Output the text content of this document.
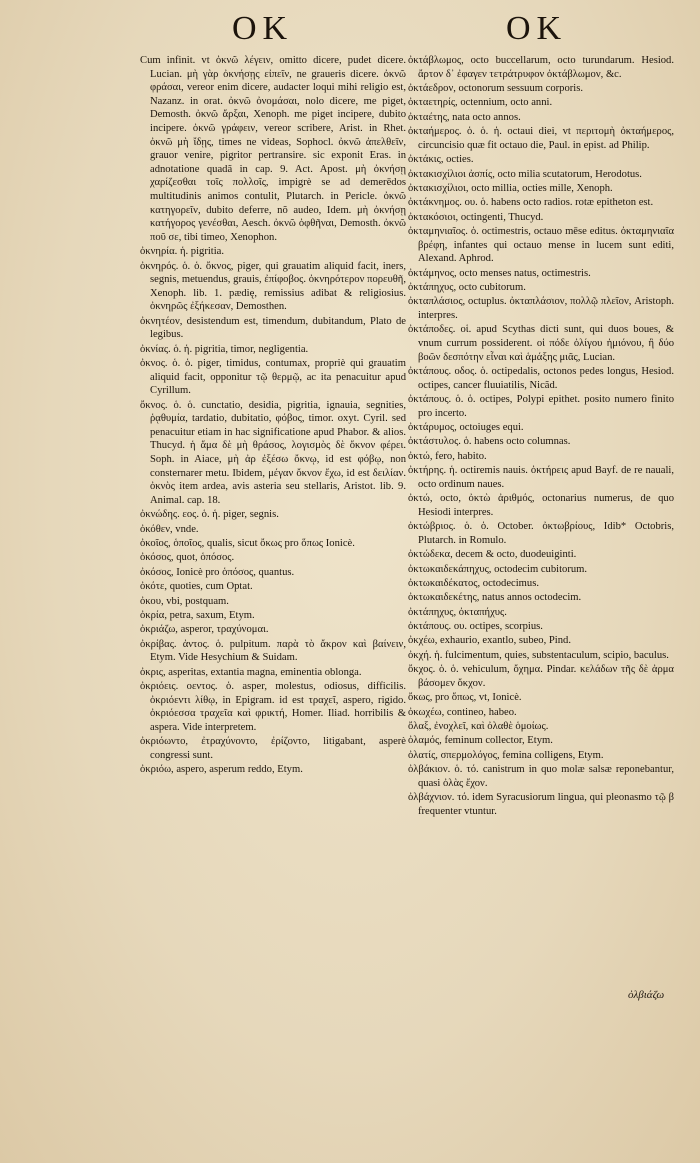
OK	OK

Cum infinit. vt ὀκνῶ λέγειν, omitto dicere, pudet dicere. Lucian. μὴ γὰρ ὀκνήσῃς εἰπεῖν, ne graueris dicere. ὀκνῶ φράσαι, vereor enim dicere, audacter loqui mihi religio est, Nazanz. in orat. ὀκνῶ ὀνομάσαι, nolo dicere, me piget, Demosth. ὀκνῶ ἄρξαι, Xenoph. me piget incipere, dubito incipere. ὀκνῶ γράφειν, vereor scribere, Arist. in Rhet. ὀκνῶ μὴ ἴδῃς, times ne videas, Sophocl. ὀκνῶ ἀπελθεῖν, grauor venire, pigritor pertransire. sic exponit Eras. in adnotatione quadã in cap. 9. Act. Apost. μὴ ὀκνήσῃ χαρίζεσθαι τοῖς πολλοῖς, impigrè se ad demerēdos multitudinis animos contulit, Plutarch. in Pericle. ὀκνῶ κατηγορεῖν, dubito deferre, nõ audeo, Idem. μὴ ὀκνήσῃ κατήγορος γενέσθαι, Aesch. ὀκνῶ ὀφθῆναι, Demosth. ὀκνῶ ποῦ σε, tibi timeo, Xenophon.

ὀκνηρία. ἡ. pigritia.

ὀκνηρός. ὁ. ὁ. ὄκνος, piger, qui grauatim aliquid facit, iners, segnis, metuendus, grauis, ἐπίφοβος. ὀκνηρότερον πορευθῆ, Xenoph. lib. 1. pædię, remissius adibat & religiosius. ὀκνηρῶς ἐξήκεσαν, Demosthen.

ὀκνητέον, desistendum est, timendum, dubitandum, Plato de legibus.

ὀκνίας. ὁ. ἡ. pigritia, timor, negligentia.

ὀκνος. ὁ. ὁ. piger, timidus, contumax, propriè qui grauatim aliquid facit, opponitur τῷ θερμῷ, ac ita penacuitur apud Cyrillum.

ὄκνος. ὁ. ὁ. cunctatio, desidia, pigritia, ignauia, segnities, ῥᾳθυμία, tardatio, dubitatio, φόβος, timor. oxyt. Cyril. sed penacuitur etiam in hac significatione apud Phabor. & alios. Thucyd. ἡ ἅμα δὲ μὴ θράσος, λογισμὸς δὲ ὄκνον φέρει. Soph. in Aiace, μὴ ἀρ ἐξέσω ὄκνῳ, id est φόβῳ, non consternarer metu. Ibidem, μέγαν ὄκνον ἔχω, id est δειλίαν. ὀκνὸς item ardea, avis asteria seu stellaris, Aristot. lib. 9. Animal. cap. 18.

ὀκνώδης. εος. ὁ. ἡ. piger, segnis.

ὀκόθεν, vnde.

ὀκοῖος, ὁποῖος, qualis, sicut ὄκως pro ὅπως Ionicè.

ὀκόσος, quot, ὁπόσος.

ὀκόσος, Ionicè pro ὁπόσος, quantus.

ὀκότε, quoties, cum Optat.

ὀκου, vbi, postquam.

ὀκρία, petra, saxum, Etym.

ὀκριάζω, asperor, τραχύνομαι.

ὀκρίβας. ἀντος. ὁ. pulpitum. παρὰ τὸ ἄκρον καὶ βαίνειν, Etym. Vide Hesychium & Suidam.

ὀκρις, asperitas, extantia magna, eminentia oblonga.

ὀκριόεις. οεντος. ὁ. asper, molestus, odiosus, difficilis. ὀκριόεντι λίθῳ, in Epigram. id est τραχεῖ, aspero, rigido. ὀκριόεσσα τραχεῖα καὶ φρικτή, Homer. Iliad. horribilis & aspera. Vide interpretem.

ὀκριόωντο, ἐτραχύνοντο, ἐρίζοντο, litigabant, asperè congressi sunt.

ὀκριόω, aspero, asperum reddo, Etym.

ὀκτάβλωμος, octo buccellarum, octo turundarum. Hesiod. ἄρτον δ᾽ ἐφαγεν τετράτρυφον ὀκτάβλωμον, &c.

ὀκτάεδρον, octonorum sessuum corporis.

ὀκταετηρίς, octennium, octo anni.

ὀκταέτης, nata octo annos.

ὀκταήμερος. ὁ. ὁ. ἡ. octaui diei, vt περιτομὴ ὀκταήμερος, circuncisio quæ fit octauo die, Paul. in epist. ad Philip.

ὀκτάκις, octies.

ὀκτακισχίλιοι ἀσπίς, octo milia scutatorum, Herodotus.

ὀκτακισχίλιοι, octo millia, octies mille, Xenoph.

ὀκτάκνημος. ου. ὁ. habens octo radios. rotæ epitheton est.

ὀκτακόσιοι, octingenti, Thucyd.

ὀκταμηνιαῖος. ὁ. octimestris, octauo mēse editus. ὀκταμηνιαῖα βρέφη, infantes qui octauo mense in lucem sunt editi, Alexand. Aphrod.

ὀκτάμηνος, octo menses natus, octimestris.

ὀκτάπηχυς, octo cubitorum.

ὀκταπλάσιος, octuplus. ὀκταπλάσιον, πολλῷ πλεῖον, Aristoph. interpres.

ὀκτάποδες. οἱ. apud Scythas dicti sunt, qui duos boues, & vnum currum possiderent. οἱ πόδε ὀλίγου ἡμιόνου, ἢ δύο βοῶν δεσπότην εἶναι καὶ ἁμάξης μιᾶς, Lucian.

ὀκτάπους. οδος. ὁ. octipedalis, octonos pedes longus, Hesiod. octipes, cancer fluuiatilis, Nicãd.

ὀκτάπους. ὁ. ὁ. octipes, Polypi epithet. posito numero finito pro incerto.

ὀκτάρυμος, octoiuges equi.

ὀκτάστυλος. ὁ. habens octo columnas.

ὀκτώ, fero, habito.

ὀκτήρης. ἡ. octiremis nauis. ὀκτήρεις apud Bayf. de re nauali, octo ordinum naues.

ὀκτώ, octo, ὀκτὼ ἀριθμός, octonarius numerus, de quo Hesiodi interpres.

ὀκτώβριος. ὁ. ὁ. October. ὀκτωβρίους, Idib* Octobris, Plutarch. in Romulo.

ὀκτώδεκα, decem & octo, duodeuiginti.

ὀκτωκαιδεκάπηχυς, octodecim cubitorum.

ὀκτωκαιδέκατος, octodecimus.

ὀκτωκαιδεκέτης, natus annos octodecim.

ὀκτάπηχυς, ὀκταπήχυς.

ὀκτάπους. ου. octipes, scorpius.

ὀκχέω, exhaurio, exantlo, subeo, Pind.

ὀκχή. ἡ. fulcimentum, quies, substentaculum, scipio, baculus.

ὄκχος. ὁ. ὁ. vehiculum, ὄχημα. Pindar. κελάδων τῆς δὲ ἀρμα βάσομεν ὄκχον.

ὄκως, pro ὅπως, vt, Ionicè.

ὀκωχέω, contineo, habeo.

ὄλαξ, ἐνοχλεῖ, καὶ ὀλαθὲ ὁμοίως.

ὀλαμός, feminum collector, Etym.

ὀλατίς, σπερμολόγος, femina colligens, Etym.

ὀλβάκιον. ὁ. τό. canistrum in quo molæ salsæ reponebantur, quasi ὀλὰς ἔχον.

ὀλβάχνιον. τό. idem Syracusiorum lingua, qui pleonasmo τῷ β frequenter vtuntur.

ὀλβιάζω
